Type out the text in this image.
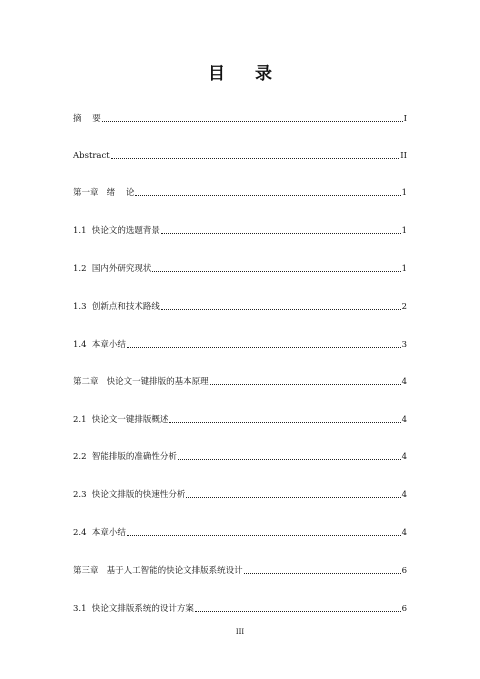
目 录
摘    要	I
Abstract	II
第一章   绪    论	1
1.1  快论文的选题背景	1
1.2  国内外研究现状	1
1.3  创新点和技术路线	2
1.4  本章小结	3
第二章   快论文一键排版的基本原理	4
2.1  快论文一键排版概述	4
2.2  智能排版的准确性分析	4
2.3  快论文排版的快速性分析	4
2.4  本章小结	4
第三章   基于人工智能的快论文排版系统设计	6
3.1  快论文排版系统的设计方案	6
III
